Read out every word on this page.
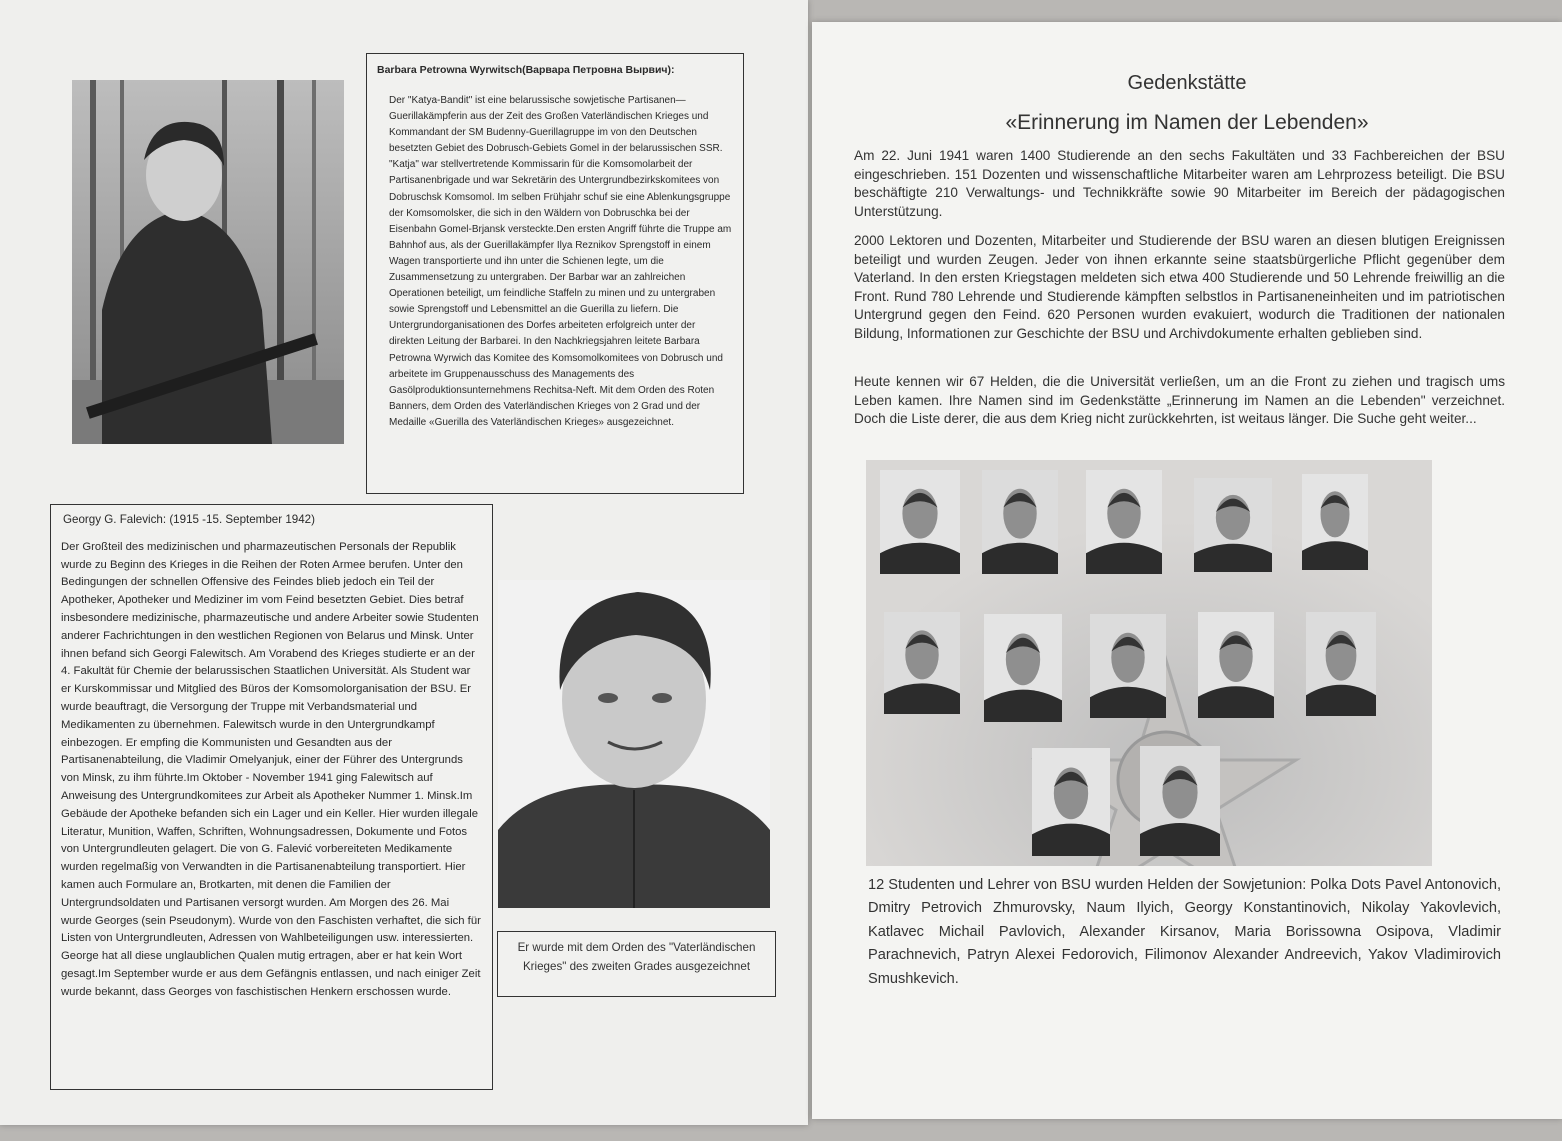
Barbara Petrowna Wyrwitsch(Варвара Петровна Вырвич):

Der "Katya-Bandit" ist eine belarussische sowjetische Partisanen—Guerillakämpferin aus der Zeit des Großen Vaterländischen Krieges und Kommandant der SM Budenny-Guerillagruppe im von den Deutschen besetzten Gebiet des Dobrusch-Gebiets Gomel in der belarussischen SSR. "Katja" war stellvertretende Kommissarin für die Komsomolarbeit der Partisanenbrigade und war Sekretärin des Untergrundbezirkskomitees von Dobruschsk Komsomol. Im selben Frühjahr schuf sie eine Ablenkungsgruppe der Komsomolsker, die sich in den Wäldern von Dobruschka bei der Eisenbahn Gomel-Brjansk versteckte.Den ersten Angriff führte die Truppe am Bahnhof aus, als der Guerillakämpfer Ilya Reznikov Sprengstoff in einem Wagen transportierte und ihn unter die Schienen legte, um die Zusammensetzung zu untergraben. Der Barbar war an zahlreichen Operationen beteiligt, um feindliche Staffeln zu minen und zu untergraben sowie Sprengstoff und Lebensmittel an die Guerilla zu liefern. Die Untergrundorganisationen des Dorfes arbeiteten erfolgreich unter der direkten Leitung der Barbarei. In den Nachkriegsjahren leitete Barbara Petrowna Wyrwich das Komitee des Komsomolkomitees von Dobrusch und arbeitete im Gruppenausschuss des Managements des Gasölproduktionsunternehmens Rechitsa-Neft. Mit dem Orden des Roten Banners, dem Orden des Vaterländischen Krieges von 2 Grad und der Medaille «Guerilla des Vaterländischen Krieges» ausgezeichnet.

Georgy G. Falevich: (1915 -15. September 1942)

Der Großteil des medizinischen und pharmazeutischen Personals der Republik wurde zu Beginn des Krieges in die Reihen der Roten Armee berufen. Unter den Bedingungen der schnellen Offensive des Feindes blieb jedoch ein Teil der Apotheker, Apotheker und Mediziner im vom Feind besetzten Gebiet. Dies betraf insbesondere medizinische, pharmazeutische und andere Arbeiter sowie Studenten anderer Fachrichtungen in den westlichen Regionen von Belarus und Minsk. Unter ihnen befand sich Georgi Falewitsch. Am Vorabend des Krieges studierte er an der 4. Fakultät für Chemie der belarussischen Staatlichen Universität. Als Student war er Kurskommissar und Mitglied des Büros der Komsomolorganisation der BSU. Er wurde beauftragt, die Versorgung der Truppe mit Verbandsmaterial und Medikamenten zu übernehmen. Falewitsch wurde in den Untergrundkampf einbezogen. Er empfing die Kommunisten und Gesandten aus der Partisanenabteilung, die Vladimir Omelyanjuk, einer der Führer des Untergrunds von Minsk, zu ihm führte.Im Oktober - November 1941 ging Falewitsch auf Anweisung des Untergrundkomitees zur Arbeit als Apotheker Nummer 1. Minsk.Im Gebäude der Apotheke befanden sich ein Lager und ein Keller. Hier wurden illegale Literatur, Munition, Waffen, Schriften, Wohnungsadressen, Dokumente und Fotos von Untergrundleuten gelagert. Die von G. Falević vorbereiteten Medikamente wurden regelmaßig von Verwandten in die Partisanenabteilung transportiert. Hier kamen auch Formulare an, Brotkarten, mit denen die Familien der Untergrundsoldaten und Partisanen versorgt wurden. Am Morgen des 26. Mai wurde Georges (sein Pseudonym). Wurde von den Faschisten verhaftet, die sich für Listen von Untergrundleuten, Adressen von Wahlbeteiligungen usw. interessierten. George hat all diese unglaublichen Qualen mutig ertragen, aber er hat kein Wort gesagt.Im September wurde er aus dem Gefängnis entlassen, und nach einiger Zeit wurde bekannt, dass Georges von faschistischen Henkern erschossen wurde.

Er wurde mit dem Orden des "Vaterländischen Krieges" des zweiten Grades ausgezeichnet
Gedenkstätte
«Erinnerung im Namen der Lebenden»

Am 22. Juni 1941 waren 1400 Studierende an den sechs Fakultäten und 33 Fachbereichen der BSU eingeschrieben. 151 Dozenten und wissenschaftliche Mitarbeiter waren am Lehrprozess beteiligt. Die BSU beschäftigte 210 Verwaltungs- und Technikkräfte sowie 90 Mitarbeiter im Bereich der pädagogischen Unterstützung.

2000 Lektoren und Dozenten, Mitarbeiter und Studierende der BSU waren an diesen blutigen Ereignissen beteiligt und wurden Zeugen. Jeder von ihnen erkannte seine staatsbürgerliche Pflicht gegenüber dem Vaterland. In den ersten Kriegstagen meldeten sich etwa 400 Studierende und 50 Lehrende freiwillig an die Front. Rund 780 Lehrende und Studierende kämpften selbstlos in Partisaneneinheiten und im patriotischen Untergrund gegen den Feind. 620 Personen wurden evakuiert, wodurch die Traditionen der nationalen Bildung, Informationen zur Geschichte der BSU und Archivdokumente erhalten geblieben sind.

Heute kennen wir 67 Helden, die die Universität verließen, um an die Front zu ziehen und tragisch ums Leben kamen. Ihre Namen sind im Gedenkstätte „Erinnerung im Namen an die Lebenden" verzeichnet. Doch die Liste derer, die aus dem Krieg nicht zurückkehrten, ist weitaus länger. Die Suche geht weiter...

12 Studenten und Lehrer von BSU wurden Helden der Sowjetunion: Polka Dots Pavel Antonovich, Dmitry Petrovich Zhmurovsky, Naum Ilyich, Georgy Konstantinovich, Nikolay Yakovlevich, Katlavec Michail Pavlovich, Alexander Kirsanov, Maria Borissowna Osipova, Vladimir Parachnevich, Patryn Alexei Fedorovich, Filimonov Alexander Andreevich, Yakov Vladimirovich Smushkevich.
